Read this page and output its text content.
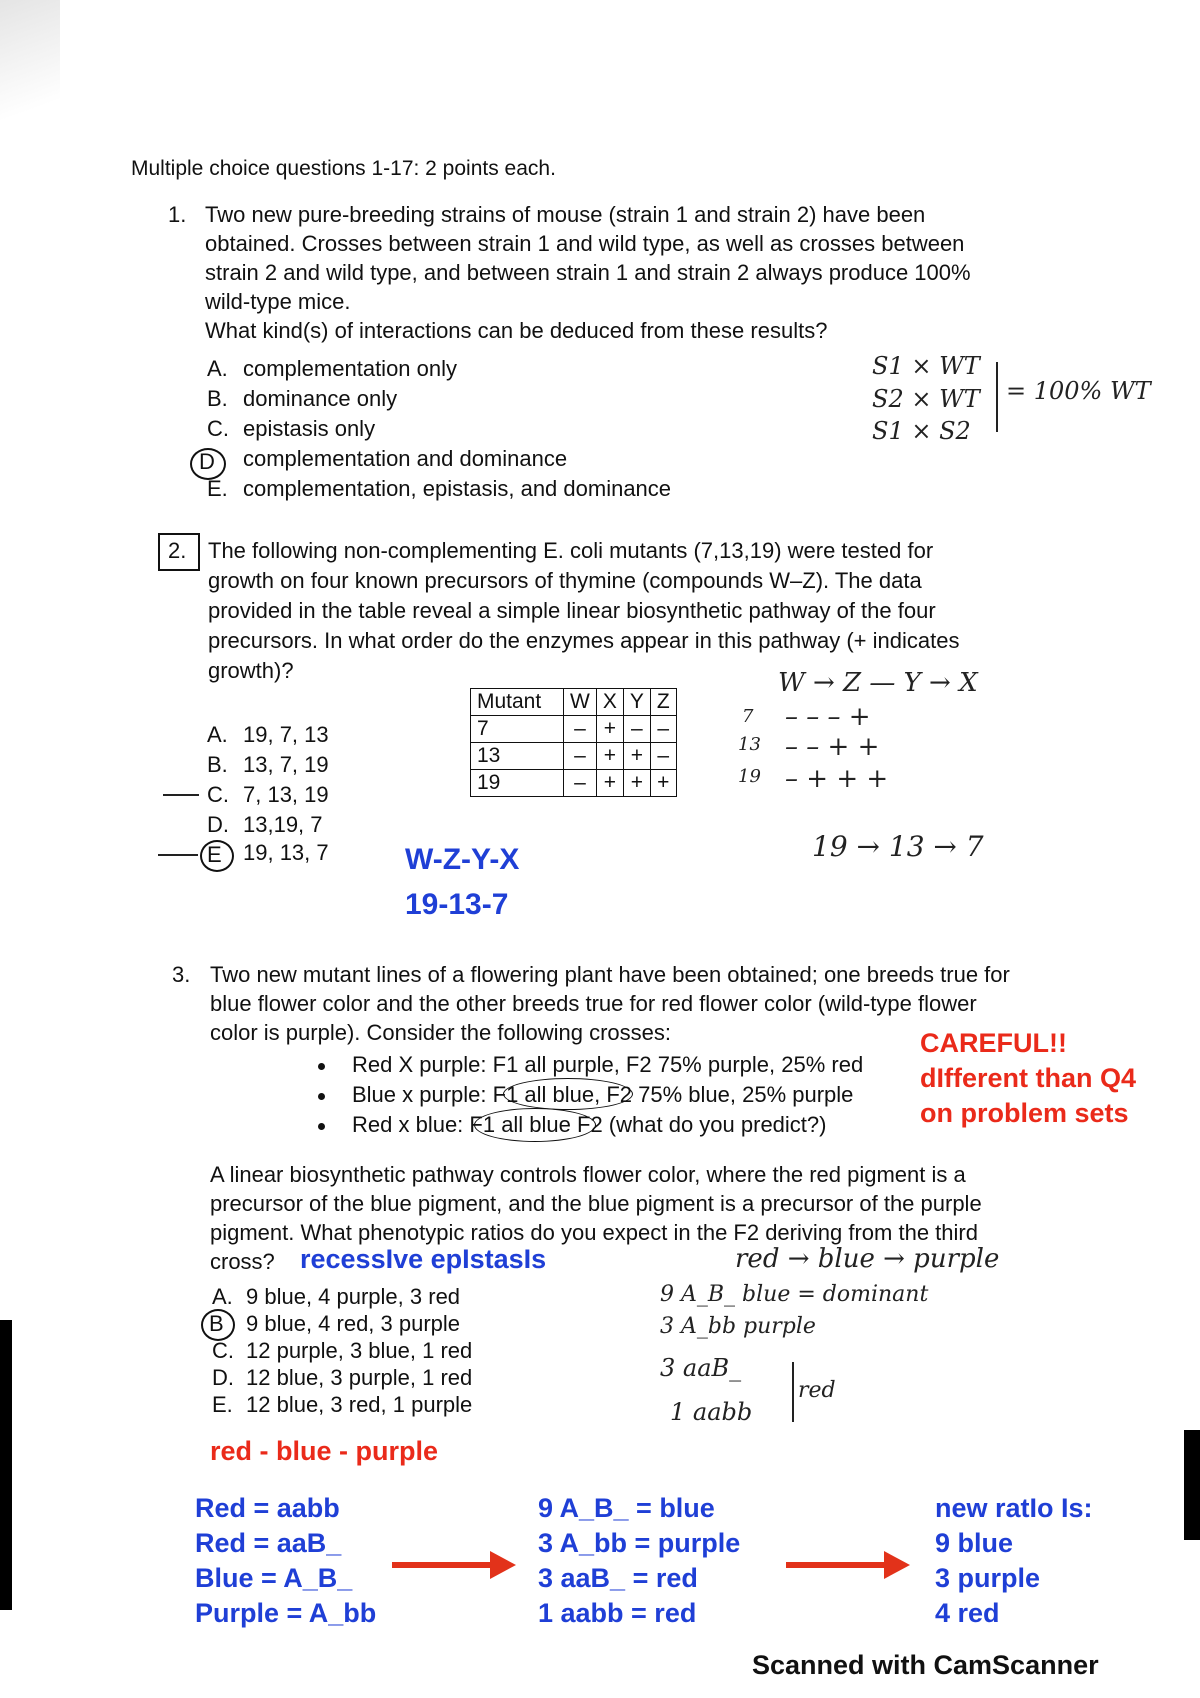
Multiple choice questions 1-17: 2 points each.
1. Two new pure-breeding strains of mouse (strain 1 and strain 2) have been
obtained. Crosses between strain 1 and wild type, as well as crosses between
strain 2 and wild type, and between strain 1 and strain 2 always produce 100%
wild-type mice.
What kind(s) of interactions can be deduced from these results?
A. complementation only
B. dominance only
C. epistasis only
D complementation and dominance
E. complementation, epistasis, and dominance
S1 × WT
S2 × WT
S1 × S2
= 100% WT
2. The following non-complementing E. coli mutants (7,13,19) were tested for
growth on four known precursors of thymine (compounds W–Z). The data
provided in the table reveal a simple linear biosynthetic pathway of the four
precursors. In what order do the enzymes appear in this pathway (+ indicates
growth)?
Mutant	W	X	Y	Z
7	–	+	–	–
13	–	+	+	–
19	–	+	+	+
A. 19, 7, 13
B. 13, 7, 19
C. 7, 13, 19
D. 13,19, 7
E 19, 13, 7
W → Z — Y → X
7 – – – +
13 – – + +
19 – + + +
19 → 13 → 7
W-Z-Y-X
19-13-7
3. Two new mutant lines of a flowering plant have been obtained; one breeds true for
blue flower color and the other breeds true for red flower color (wild-type flower
color is purple). Consider the following crosses:
Red X purple: F1 all purple, F2 75% purple, 25% red
Blue x purple: F1 all blue, F2 75% blue, 25% purple
Red x blue: F1 all blue F2 (what do you predict?)
CAREFUL!!
dIfferent than Q4
on problem sets
A linear biosynthetic pathway controls flower color, where the red pigment is a
precursor of the blue pigment, and the blue pigment is a precursor of the purple
pigment. What phenotypic ratios do you expect in the F2 deriving from the third
cross? recessIve epIstasIs
A. 9 blue, 4 purple, 3 red
B 9 blue, 4 red, 3 purple
C. 12 purple, 3 blue, 1 red
D. 12 blue, 3 purple, 1 red
E. 12 blue, 3 red, 1 purple
red → blue → purple
9 A_B_ blue = dominant
3 A_bb purple
3 aaB_
1 aabb
red
red - blue - purple
Red = aabb
Red = aaB_
Blue = A_B_
Purple = A_bb
9 A_B_ = blue
3 A_bb = purple
3 aaB_ = red
1 aabb = red
new ratIo Is:
9 blue
3 purple
4 red
Scanned with CamScanner
